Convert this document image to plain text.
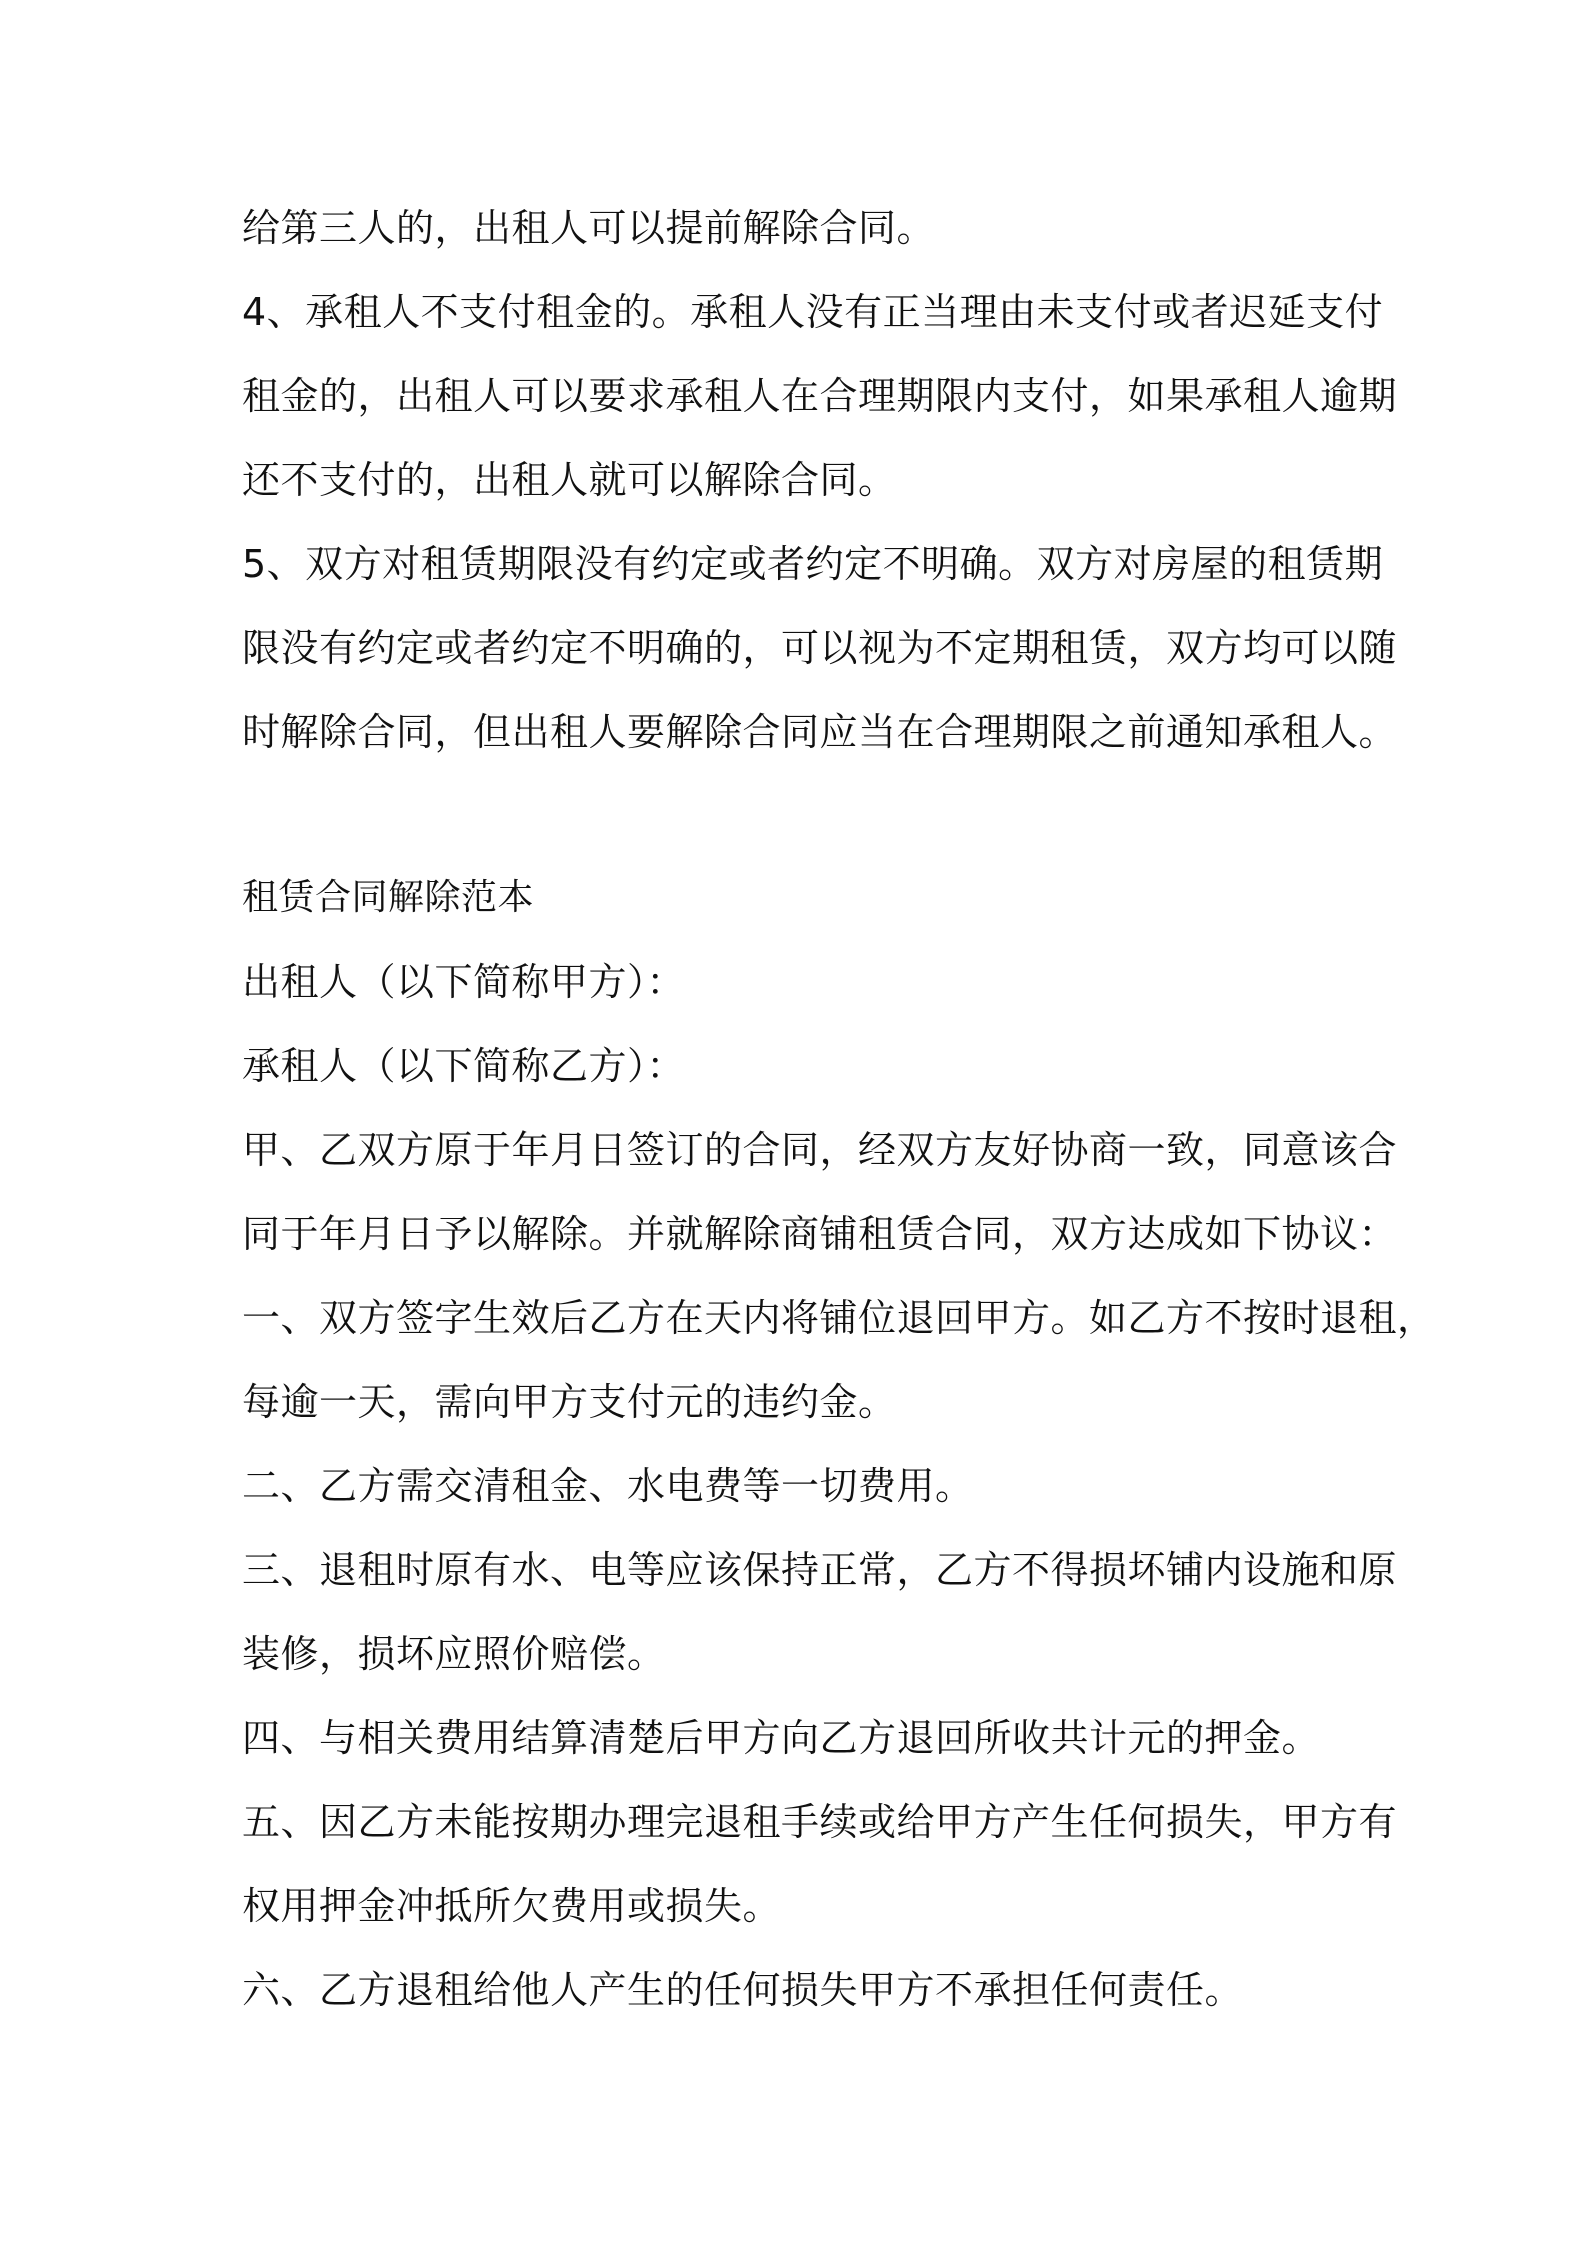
给第三人的，出租人可以提前解除合同。
4、承租人不支付租金的。承租人没有正当理由未支付或者迟延支付
租金的，出租人可以要求承租人在合理期限内支付，如果承租人逾期
还不支付的，出租人就可以解除合同。
5、双方对租赁期限没有约定或者约定不明确。双方对房屋的租赁期
限没有约定或者约定不明确的，可以视为不定期租赁，双方均可以随
时解除合同，但出租人要解除合同应当在合理期限之前通知承租人。
租赁合同解除范本
出租人（以下简称甲方）：
承租人（以下简称乙方）：
甲、乙双方原于年月日签订的合同，经双方友好协商一致，同意该合
同于年月日予以解除。并就解除商铺租赁合同，双方达成如下协议：
一、双方签字生效后乙方在天内将铺位退回甲方。如乙方不按时退租，
每逾一天，需向甲方支付元的违约金。
二、乙方需交清租金、水电费等一切费用。
三、退租时原有水、电等应该保持正常，乙方不得损坏铺内设施和原
装修，损坏应照价赔偿。
四、与相关费用结算清楚后甲方向乙方退回所收共计元的押金。
五、因乙方未能按期办理完退租手续或给甲方产生任何损失，甲方有
权用押金冲抵所欠费用或损失。
六、乙方退租给他人产生的任何损失甲方不承担任何责任。
